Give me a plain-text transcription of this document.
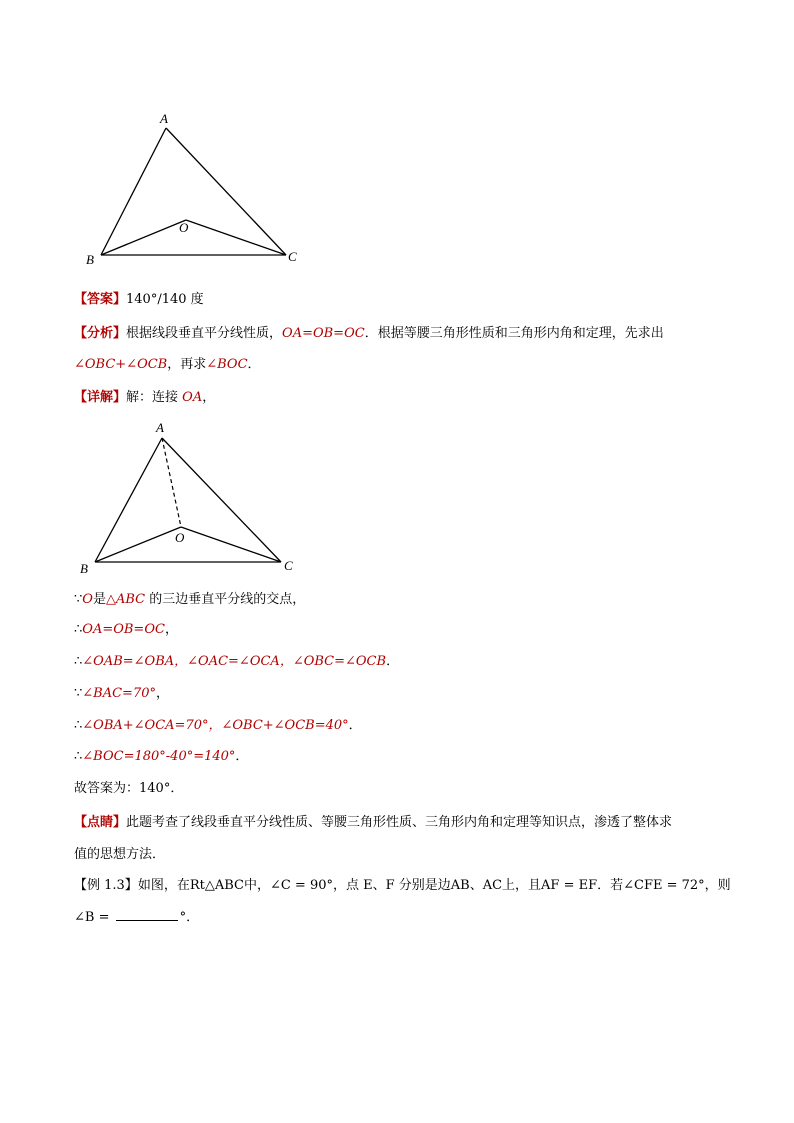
A
B	C
O
【答案】140°/140 度
【分析】根据线段垂直平分线性质，OA=OB=OC．根据等腰三角形性质和三角形内角和定理，先求出
∠OBC+∠OCB，再求∠BOC．
【详解】解：连接 OA，
A
B	C
O
∵O是△ABC 的三边垂直平分线的交点，
∴OA=OB=OC，
∴∠OAB=∠OBA，∠OAC=∠OCA，∠OBC=∠OCB．
∵∠BAC=70°，
∴∠OBA+∠OCA=70°，∠OBC+∠OCB=40°．
∴∠BOC=180°-40°=140°．
故答案为：140°．
【点睛】此题考查了线段垂直平分线性质、等腰三角形性质、三角形内角和定理等知识点，渗透了整体求
值的思想方法．
【例 1.3】如图，在Rt△ABC中，∠C = 90°，点 E、F 分别是边AB、AC上，且AF = EF．若∠CFE = 72°，则
∠B =	°．
